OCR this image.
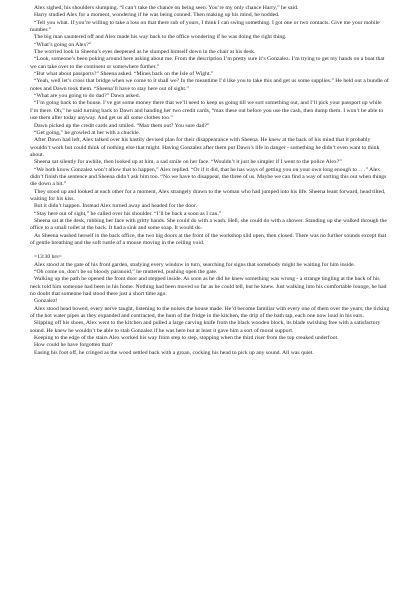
Alex sighed, his shoulders slumping. “I can’t take the chance on being seen. You’re my only chance Harry,” he said.

Harry studied Alex for a moment, wondering if he was being conned. Then making up his mind, he nodded.

“Tell you what. If you’re willing to take a loss on that there sub of yours, I think I can swing something. I got one or two contacts. Give me your mobile number.”

The big man sauntered off and Alex made his way back to the office wondering if he was doing the right thing.

“What’s going on Alex?”

The worried look in Sheena’s eyes deepened as he slumped himself down in the chair at his desk.

“Look, someone’s been poking around here asking about me. From the description I’m pretty sure it’s Gonzalez. I’m trying to get my hands on a boat that we can take over to the continent or somewhere further.”

“But what about passports?” Sheena asked. “Mines back on the Isle of Wight.”

“Yeah, well let’s cross that bridge when we come to it shall we? In the meantime I’d like you to take this and get us some supplies.” He held out a bundle of notes and Dawn took them. “Sheena’ll have to stay here out of sight.”

“What are you going to do dad?” Dawn asked.

“I’m going back to the house. I’ve got some money there that we’ll need to keep us going till we sort something out, and I’ll pick your passport up while I’m there. Oh,” he said turning back to Dawn and handing her two credit cards, “max these out before you use the cash, then dump them. I won’t be able to use them after today anyway. And get us all some clothes too.”

Dawn picked up the credit cards and smiled. “Max them out? You sure dad?”

“Get going,” he growled at her with a chuckle.

After Dawn had left, Alex talked over his hastily devised plan for their disappearance with Sheena. He knew at the back of his mind that it probably wouldn’t work but could think of nothing else that might. Having Gonzalez after them put Dawn’s life in danger - something he didn’t even want to think about.

Sheena sat silently for awhile, then looked up at him, a sad smile on her face. “Wouldn’t it just be simpler if I went to the police Alex?”

“We both know Gonzalez won’t allow that to happen,” Alex replied. “Or if it did, that he has ways of getting you on your own long enough to . . .” Alex didn’t finish the sentence and Sheena didn’t ask him too. “No we have to disappear, the three of us. Maybe we can find a way of sorting this out when things die down a bit.”

They stood up and looked at each other for a moment, Alex strangely drawn to the woman who had jumped into his life. Sheena leant forward, head tilted, waiting for his kiss.

But it didn’t happen. Instead Alex turned away and headed for the door.

“Stay here out of sight,” he called over his shoulder. “I’ll be back a soon as I can.”

Sheena sat at the desk, rubbing her face with gritty hands. She could do with a wash. Hell, she could do with a shower. Standing up she walked through the office to a small toilet at the back. It had a sink and some soap. It would do.

As Sheena washed herself in the back office, the two big doors at the front of the workshop slid open, then closed. There was no further sounds except that of gentle breathing and the soft rustle of a mouse moving in the ceiling void.

=13:30 hrs=

Alex stood at the gate of his front garden, studying every window in turn, searching for signs that somebody might be waiting for him inside.

“Oh come on, don’t be so bloody paranoid,” he muttered, pushing open the gate.

Walking up the path he opened the front door and stepped inside. As soon as he did he knew something was wrong - a strange tingling at the back of his neck told him someone had been in his home. Nothing had been moved so far as he could tell, but he knew. Just walking into his comfortable lounge, he had no doubt that someone had stood there just a short time ago.

Gonzalez!

Alex stood head bowed, every nerve taught, listening to the noises the house made. He’d become familiar with every one of them over the years; the ticking of the hot water pipes as they expanded and contracted, the hum of the fridge in the kitchen, the drip of the bath tap, each one now loud in his ears.

Slipping off his shoes, Alex went to the kitchen and pulled a large carving knife from the black wooden block, its blade swishing free with a satisfactory sound. He knew he wouldn’t be able to stab Gonzalez if he was here but at least it gave him a sort of moral support.

Keeping to the edge of the stairs Alex worked his way from step to step, stopping when the third riser from the top creaked underfoot.

How could he have forgotten that?

Easing his foot off, he cringed as the wood settled back with a groan, cocking his head to pick up any sound. All was quiet.
